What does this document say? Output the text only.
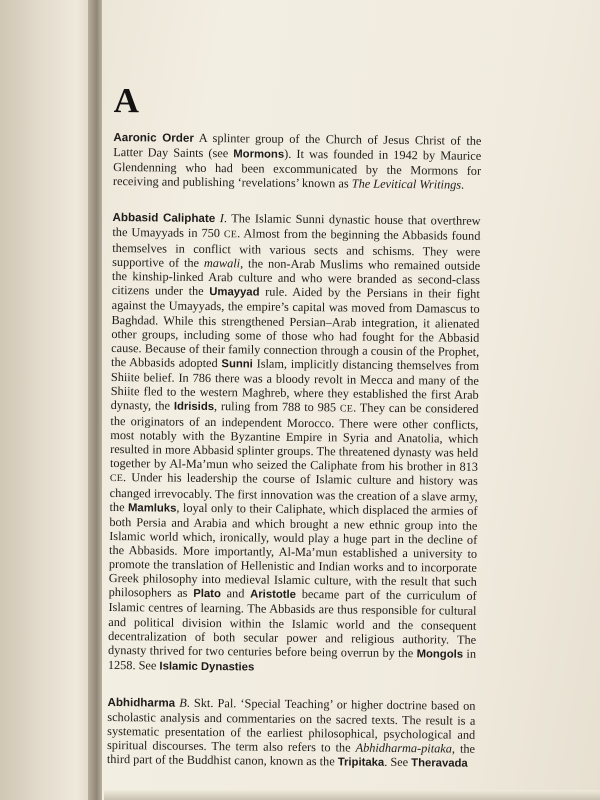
A
Aaronic Order A splinter group of the Church of Jesus Christ of the Latter Day Saints (see Mormons). It was founded in 1942 by Maurice Glendenning who had been excommunicated by the Mormons for receiving and publishing ‘revelations’ known as The Levitical Writings.
Abbasid Caliphate I. The Islamic Sunni dynastic house that overthrew the Umayyads in 750 CE. Almost from the beginning the Abbasids found themselves in conflict with various sects and schisms. They were supportive of the mawali, the non-Arab Muslims who remained outside the kinship-linked Arab culture and who were branded as second-class citizens under the Umayyad rule. Aided by the Persians in their fight against the Umayyads, the empire’s capital was moved from Damascus to Baghdad. While this strengthened Persian–Arab integration, it alienated other groups, including some of those who had fought for the Abbasid cause. Because of their family connection through a cousin of the Prophet, the Abbasids adopted Sunni Islam, implicitly distancing themselves from Shiite belief. In 786 there was a bloody revolt in Mecca and many of the Shiite fled to the western Maghreb, where they established the first Arab dynasty, the Idrisids, ruling from 788 to 985 CE. They can be considered the originators of an independent Morocco. There were other conflicts, most notably with the Byzantine Empire in Syria and Anatolia, which resulted in more Abbasid splinter groups. The threatened dynasty was held together by Al-Ma’mun who seized the Caliphate from his brother in 813 CE. Under his leadership the course of Islamic culture and history was changed irrevocably. The first innovation was the creation of a slave army, the Mamluks, loyal only to their Caliphate, which displaced the armies of both Persia and Arabia and which brought a new ethnic group into the Islamic world which, ironically, would play a huge part in the decline of the Abbasids. More importantly, Al-Ma’mun established a university to promote the translation of Hellenistic and Indian works and to incorporate Greek philosophy into medieval Islamic culture, with the result that such philosophers as Plato and Aristotle became part of the curriculum of Islamic centres of learning. The Abbasids are thus responsible for cultural and political division within the Islamic world and the consequent decentralization of both secular power and religious authority. The dynasty thrived for two centuries before being overrun by the Mongols in 1258. See Islamic Dynasties
Abhidharma B. Skt. Pal. ‘Special Teaching’ or higher doctrine based on scholastic analysis and commentaries on the sacred texts. The result is a systematic presentation of the earliest philosophical, psychological and spiritual discourses. The term also refers to the Abhidharma-pitaka, the third part of the Buddhist canon, known as the Tripitaka. See Theravada
